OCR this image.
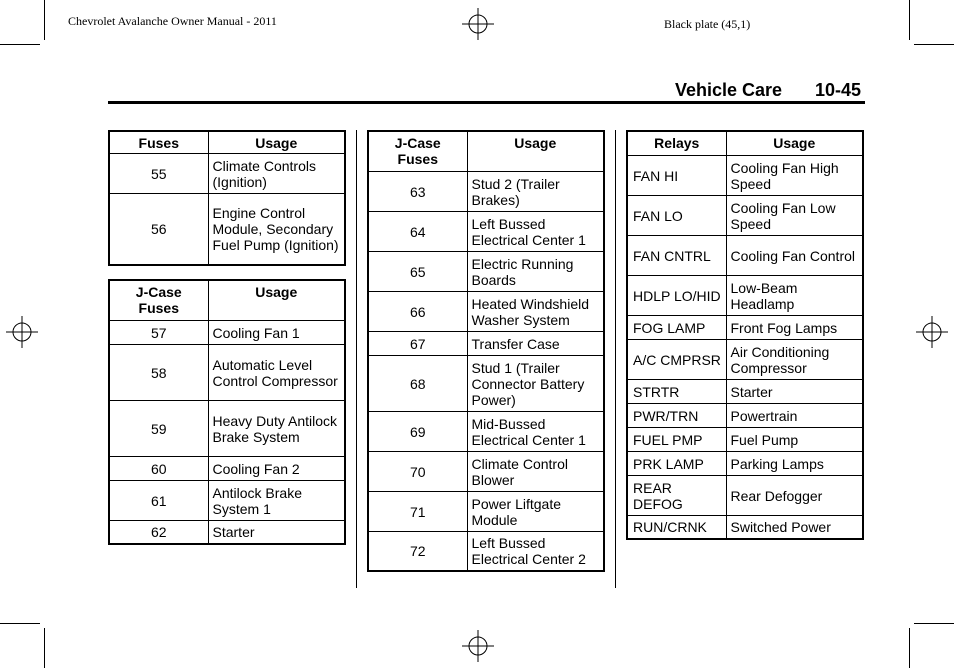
Chevrolet Avalanche Owner Manual - 2011	Black plate (45,1)
Vehicle Care 10-45
Fuses	Usage
55	Climate Controls (Ignition)
56	Engine Control Module, Secondary Fuel Pump (Ignition)
J-Case Fuses	Usage
57	Cooling Fan 1
58	Automatic Level Control Compressor
59	Heavy Duty Antilock Brake System
60	Cooling Fan 2
61	Antilock Brake System 1
62	Starter
J-Case Fuses	Usage
63	Stud 2 (Trailer Brakes)
64	Left Bussed Electrical Center 1
65	Electric Running Boards
66	Heated Windshield Washer System
67	Transfer Case
68	Stud 1 (Trailer Connector Battery Power)
69	Mid-Bussed Electrical Center 1
70	Climate Control Blower
71	Power Liftgate Module
72	Left Bussed Electrical Center 2
Relays	Usage
FAN HI	Cooling Fan High Speed
FAN LO	Cooling Fan Low Speed
FAN CNTRL	Cooling Fan Control
HDLP LO/HID	Low-Beam Headlamp
FOG LAMP	Front Fog Lamps
A/C CMPRSR	Air Conditioning Compressor
STRTR	Starter
PWR/TRN	Powertrain
FUEL PMP	Fuel Pump
PRK LAMP	Parking Lamps
REAR DEFOG	Rear Defogger
RUN/CRNK	Switched Power
